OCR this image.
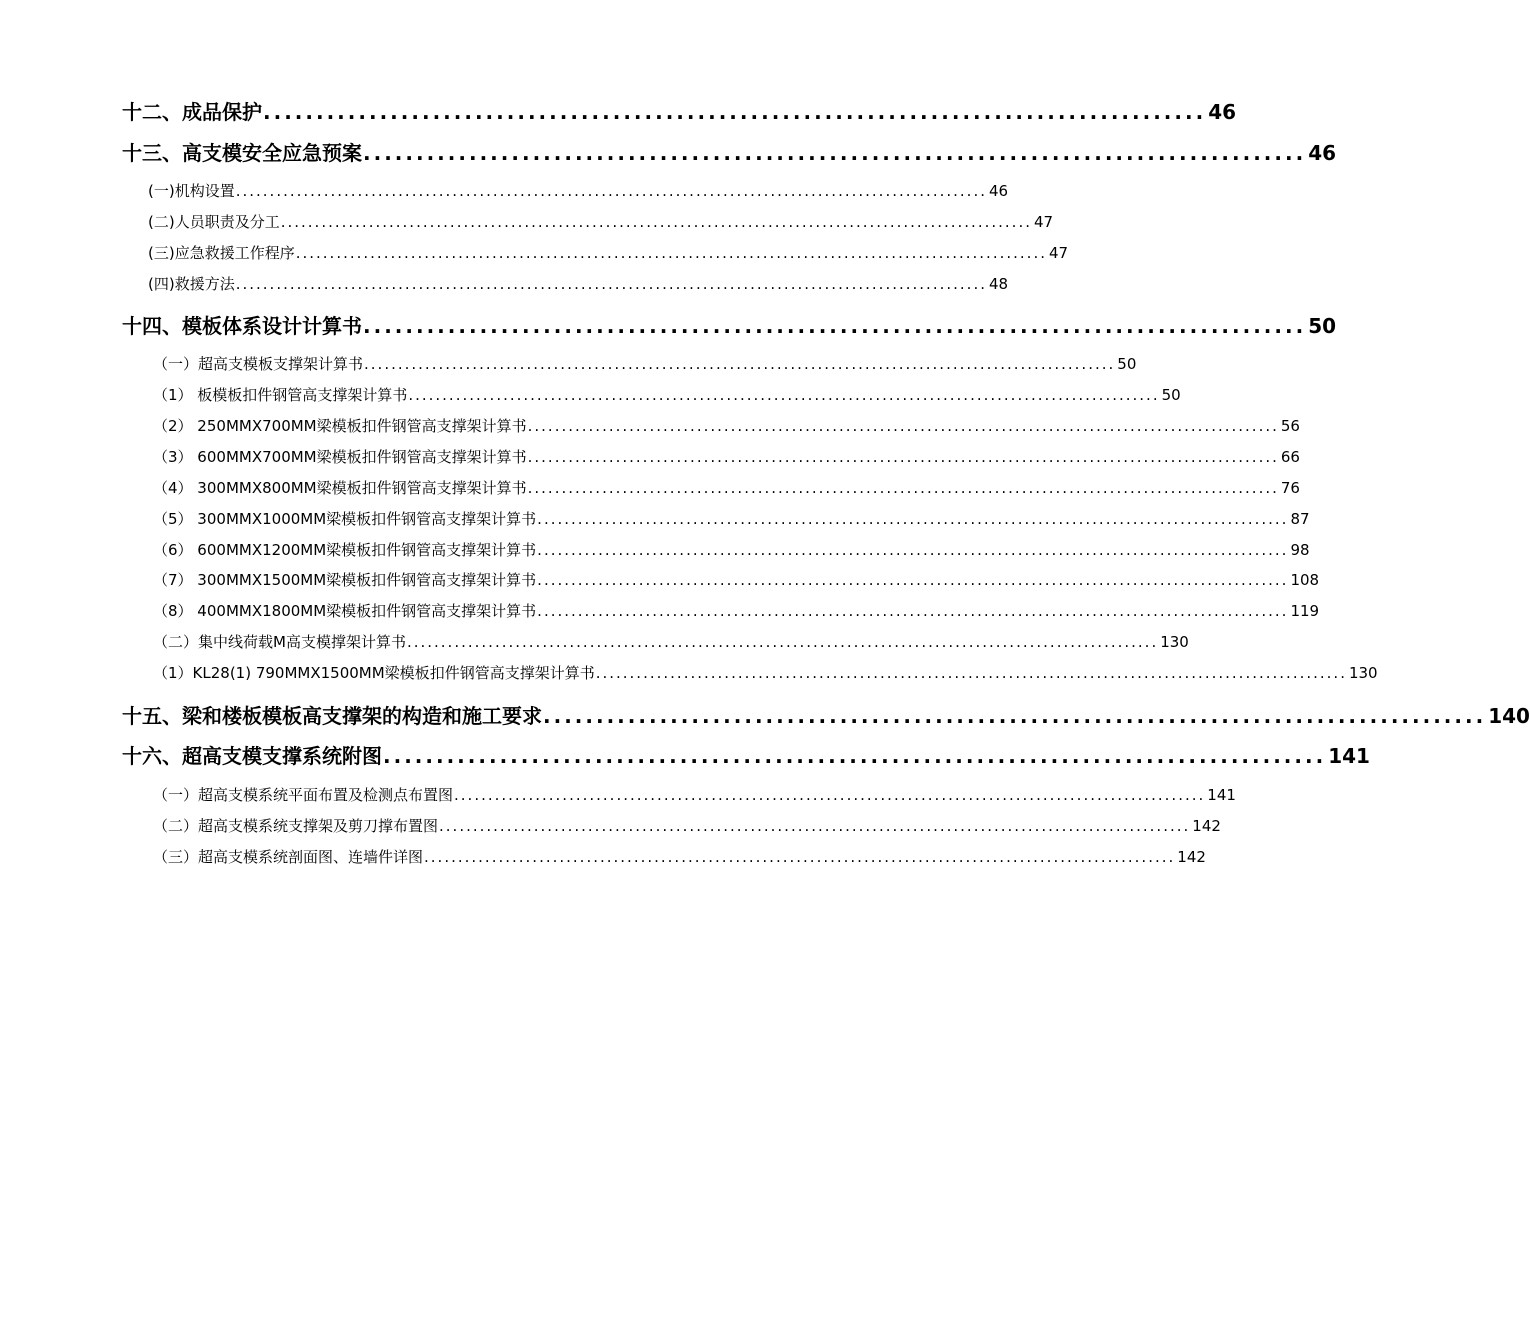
十二、成品保护 ......................................................................................... 46
十三、高支模安全应急预案 ......................................................................................... 46
(一)机构设置 ............................................................................................................... 46
(二)人员职责及分工 ............................................................................................................... 47
(三)应急救援工作程序 ............................................................................................................... 47
(四)救援方法 ............................................................................................................... 48
十四、模板体系设计计算书 ......................................................................................... 50
（一）超高支模板支撑架计算书 ............................................................................................................... 50
（1） 板模板扣件钢管高支撑架计算书 ............................................................................................................... 50
（2） 250MMX700MM梁模板扣件钢管高支撑架计算书 ............................................................................................................... 56
（3） 600MMX700MM梁模板扣件钢管高支撑架计算书 ............................................................................................................... 66
（4） 300MMX800MM梁模板扣件钢管高支撑架计算书 ............................................................................................................... 76
（5） 300MMX1000MM梁模板扣件钢管高支撑架计算书 ............................................................................................................... 87
（6） 600MMX1200MM梁模板扣件钢管高支撑架计算书 ............................................................................................................... 98
（7） 300MMX1500MM梁模板扣件钢管高支撑架计算书 ............................................................................................................... 108
（8） 400MMX1800MM梁模板扣件钢管高支撑架计算书 ............................................................................................................... 119
（二）集中线荷载M高支模撑架计算书 ............................................................................................................... 130
（1）KL28(1) 790MMX1500MM梁模板扣件钢管高支撑架计算书 ............................................................................................................... 130
十五、梁和楼板模板高支撑架的构造和施工要求 ......................................................................................... 140
十六、超高支模支撑系统附图 ......................................................................................... 141
（一）超高支模系统平面布置及检测点布置图 ............................................................................................................... 141
（二）超高支模系统支撑架及剪刀撑布置图 ............................................................................................................... 142
（三）超高支模系统剖面图、连墙件详图 ............................................................................................................... 142
